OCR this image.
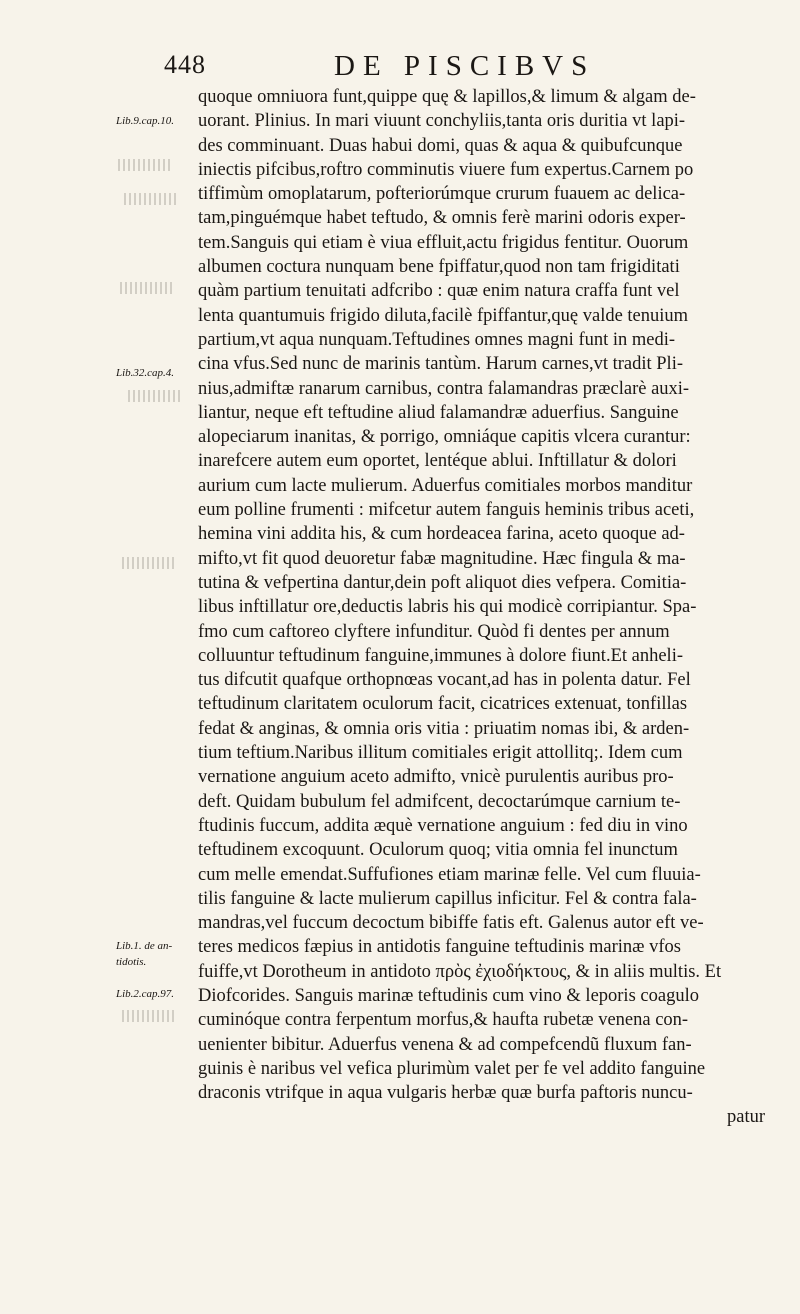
448	DE PISCIBVS
Lib.9.cap.10.
Lib.32.cap.4.
Lib.1. de an-
tidotis.
Lib.2.cap.97.
quoque omniuora funt,quippe quę & lapillos,& limum & algam de-
uorant. Plinius. In mari viuunt conchyliis,tanta oris duritia vt lapi-
des comminuant. Duas habui domi, quas & aqua & quibufcunque
iniectis pifcibus,roftro comminutis viuere fum expertus.Carnem po
tiffimùm omoplatarum, pofteriorúmque crurum fuauem ac delica-
tam,pinguémque habet teftudo, & omnis ferè marini odoris exper-
tem.Sanguis qui etiam è viua effluit,actu frigidus fentitur. Ouorum
albumen coctura nunquam bene fpiffatur,quod non tam frigiditati
quàm partium tenuitati adfcribo : quæ enim natura craffa funt vel
lenta quantumuis frigido diluta,facilè fpiffantur,quę valde tenuium
partium,vt aqua nunquam.Teftudines omnes magni funt in medi-
cina vfus.Sed nunc de marinis tantùm. Harum carnes,vt tradit Pli-
nius,admiftæ ranarum carnibus, contra falamandras præclarè auxi-
liantur, neque eft teftudine aliud falamandræ aduerfius. Sanguine
alopeciarum inanitas, & porrigo, omniáque capitis vlcera curantur:
inarefcere autem eum oportet, lentéque ablui. Inftillatur & dolori
aurium cum lacte mulierum. Aduerfus comitiales morbos manditur
eum polline frumenti : mifcetur autem fanguis heminis tribus aceti,
hemina vini addita his, & cum hordeacea farina, aceto quoque ad-
mifto,vt fit quod deuoretur fabæ magnitudine. Hæc fingula & ma-
tutina & vefpertina dantur,dein poft aliquot dies vefpera. Comitia-
libus inftillatur ore,deductis labris his qui modicè corripiantur. Spa-
fmo cum caftoreo clyftere infunditur. Quòd fi dentes per annum
colluuntur teftudinum fanguine,immunes à dolore fiunt.Et anheli-
tus difcutit quafque orthopnœas vocant,ad has in polenta datur. Fel
teftudinum claritatem oculorum facit, cicatrices extenuat, tonfillas
fedat & anginas, & omnia oris vitia : priuatim nomas ibi, & arden-
tium teftium.Naribus illitum comitiales erigit attollitq;. Idem cum
vernatione anguium aceto admifto, vnicè purulentis auribus pro-
deft. Quidam bubulum fel admifcent, decoctarúmque carnium te-
ftudinis fuccum, addita æquè vernatione anguium : fed diu in vino
teftudinem excoquunt. Oculorum quoq; vitia omnia fel inunctum
cum melle emendat.Suffufiones etiam marinæ felle. Vel cum fluuia-
tilis fanguine & lacte mulierum capillus inficitur. Fel & contra fala-
mandras,vel fuccum decoctum bibiffe fatis eft. Galenus autor eft ve-
teres medicos fæpius in antidotis fanguine teftudinis marinæ vfos
fuiffe,vt Dorotheum in antidoto πρὸς ἐχιοδήκτους, & in aliis multis. Et
Diofcorides. Sanguis marinæ teftudinis cum vino & leporis coagulo
cuminóque contra ferpentum morfus,& haufta rubetæ venena con-
uenienter bibitur. Aduerfus venena & ad compefcendũ fluxum fan-
guinis è naribus vel vefica plurimùm valet per fe vel addito fanguine
draconis vtrifque in aqua vulgaris herbæ quæ burfa paftoris nuncu-
patur
